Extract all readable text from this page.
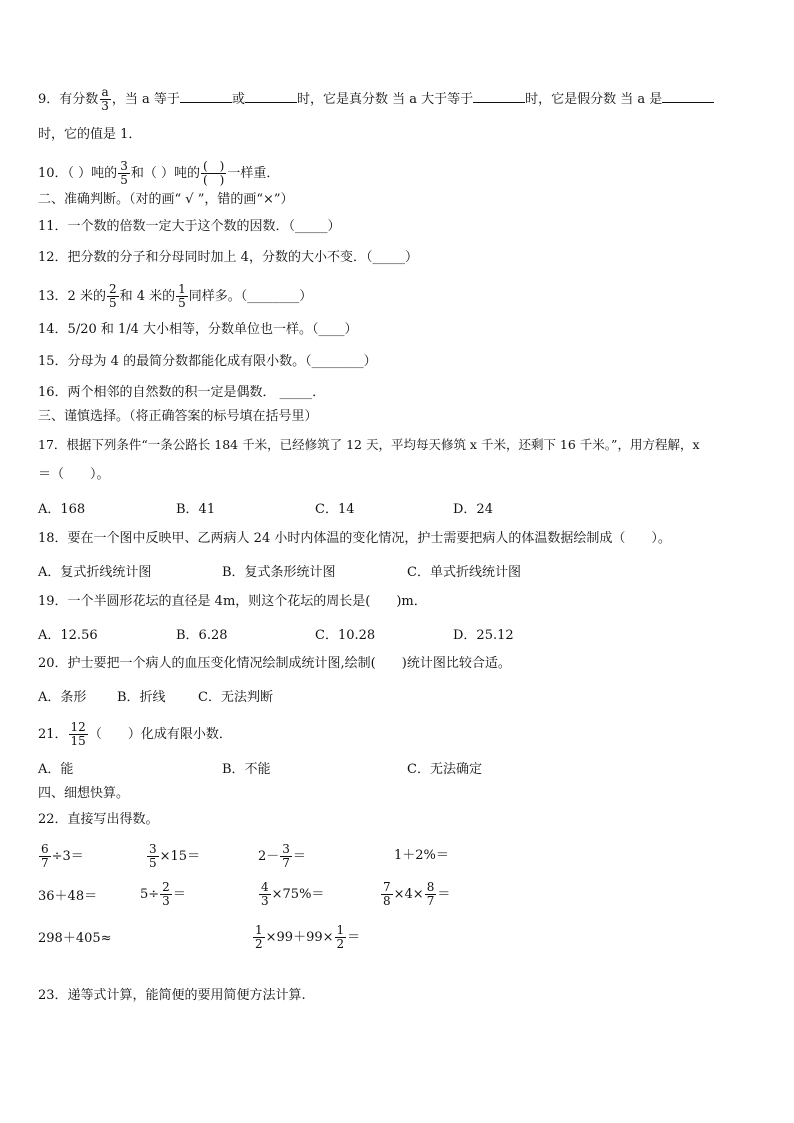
9．有分数 $\frac{a}{3}$ ，当 a 等于	或	时，它是真分数 当 a 大于等于	时，它是假分数 当 a 是
时，它的值是 1．
10．（ ）吨的 $\frac{3}{5}$ 和（ ）吨的 $\frac{( )}{( )}$ 一样重．
二、准确判断。（对的画“ √ ”，错的画“×”）
11．一个数的倍数一定大于这个数的因数．（_____）
12．把分数的分子和分母同时加上 4，分数的大小不变．（_____）
13．2 米的 $\frac{2}{5}$ 和 4 米的 $\frac{1}{5}$ 同样多。（________）
14．5/20 和 1/4 大小相等，分数单位也一样。（____）
15．分母为 4 的最简分数都能化成有限小数。（________）
16．两个相邻的自然数的积一定是偶数． _____．
三、谨慎选择。（将正确答案的标号填在括号里）
17．根据下列条件“一条公路长 184 千米，已经修筑了 12 天，平均每天修筑 x 千米，还剩下 16 千米。”，用方程解，x
＝（　　）。
A．168	B．41	C．14	D．24
18．要在一个图中反映甲、乙两病人 24 小时内体温的变化情况，护士需要把病人的体温数据绘制成（　　）。
A．复式折线统计图	B．复式条形统计图	C．单式折线统计图
19．一个半圆形花坛的直径是 4m，则这个花坛的周长是(　　)m．
A．12.56	B．6.28	C．10.28	D．25.12
20．护士要把一个病人的血压变化情况绘制成统计图,绘制(　　)统计图比较合适。
A．条形 B．折线 C．无法判断
21． $\frac{12}{15}$ （　　）化成有限小数．
A．能	B．不能	C．无法确定
四、细想快算。
22．直接写出得数。
$\frac{6}{7} \div 3=$	$\frac{3}{5} \times 15=$	$2- \frac{3}{7}$ ＝	1＋2%＝
36＋48＝	$5\div \frac{2}{3}$ ＝	$\frac{4}{3} \times 75\%=$	$\frac{7}{8} \times 4\times \frac{8}{7}$ ＝
298＋405≈	$\frac{1}{2} \times 99+99\times \frac{1}{2}$ ＝
23．递等式计算，能简便的要用简便方法计算.
